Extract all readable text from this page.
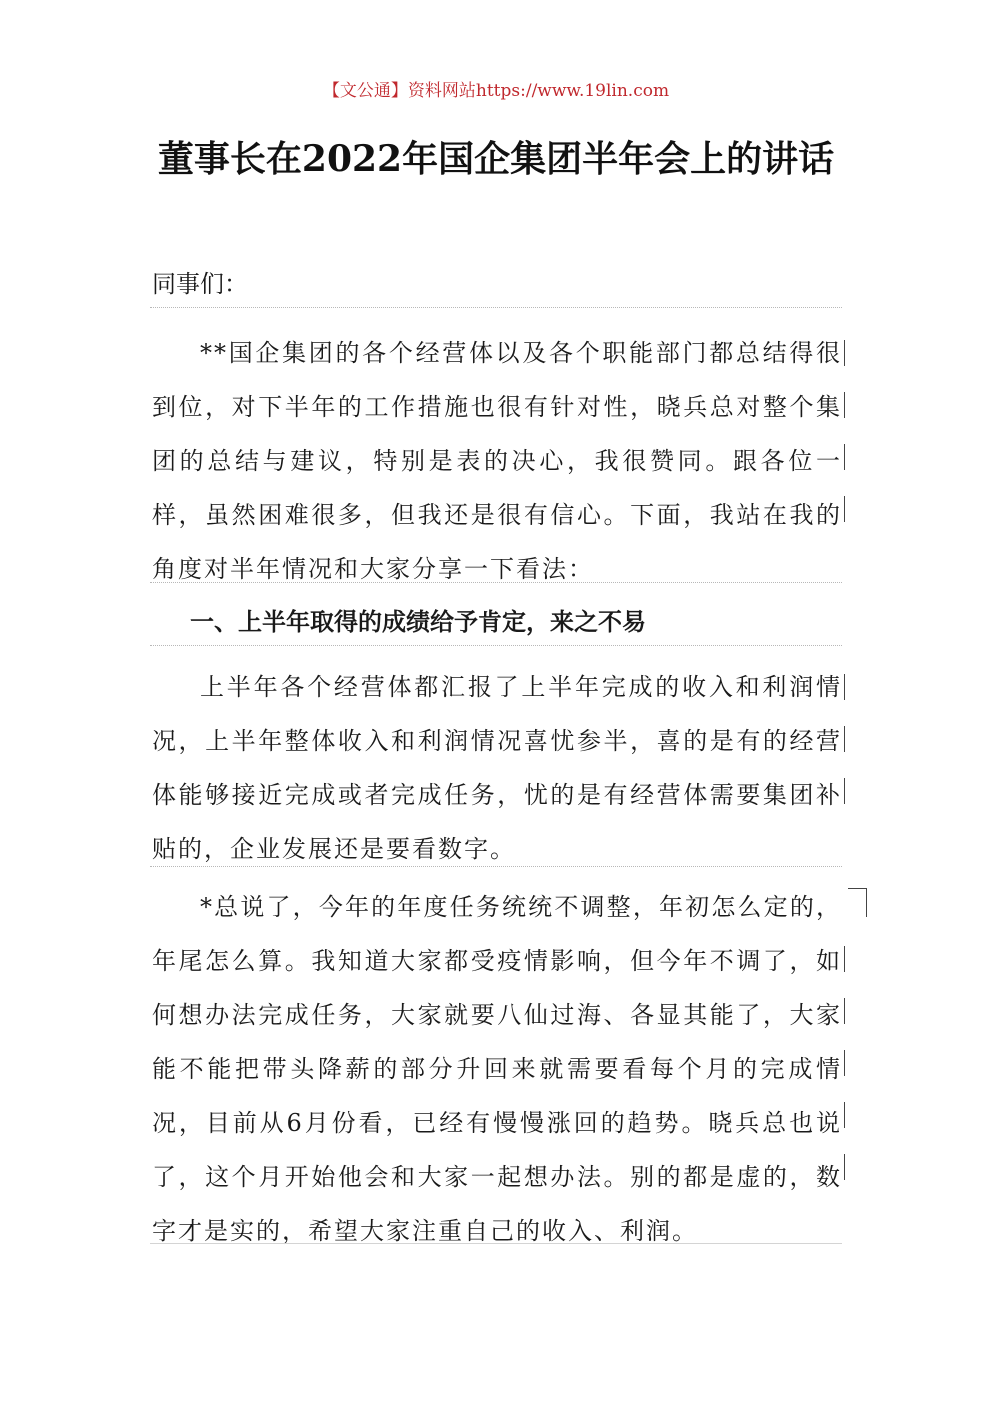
【文公通】资料网站https://www.19lin.com
董事长在2022年国企集团半年会上的讲话
同事们：
**国企集团的各个经营体以及各个职能部门都总结得很到位，对下半年的工作措施也很有针对性，晓兵总对整个集团的总结与建议，特别是表的决心，我很赞同。跟各位一样，虽然困难很多，但我还是很有信心。下面，我站在我的角度对半年情况和大家分享一下看法：
一、上半年取得的成绩给予肯定，来之不易
上半年各个经营体都汇报了上半年完成的收入和利润情况，上半年整体收入和利润情况喜忧参半，喜的是有的经营体能够接近完成或者完成任务，忧的是有经营体需要集团补贴的，企业发展还是要看数字。
*总说了，今年的年度任务统统不调整，年初怎么定的，年尾怎么算。我知道大家都受疫情影响，但今年不调了，如何想办法完成任务，大家就要八仙过海、各显其能了，大家能不能把带头降薪的部分升回来就需要看每个月的完成情况，目前从6月份看，已经有慢慢涨回的趋势。晓兵总也说了，这个月开始他会和大家一起想办法。别的都是虚的，数字才是实的，希望大家注重自己的收入、利润。
